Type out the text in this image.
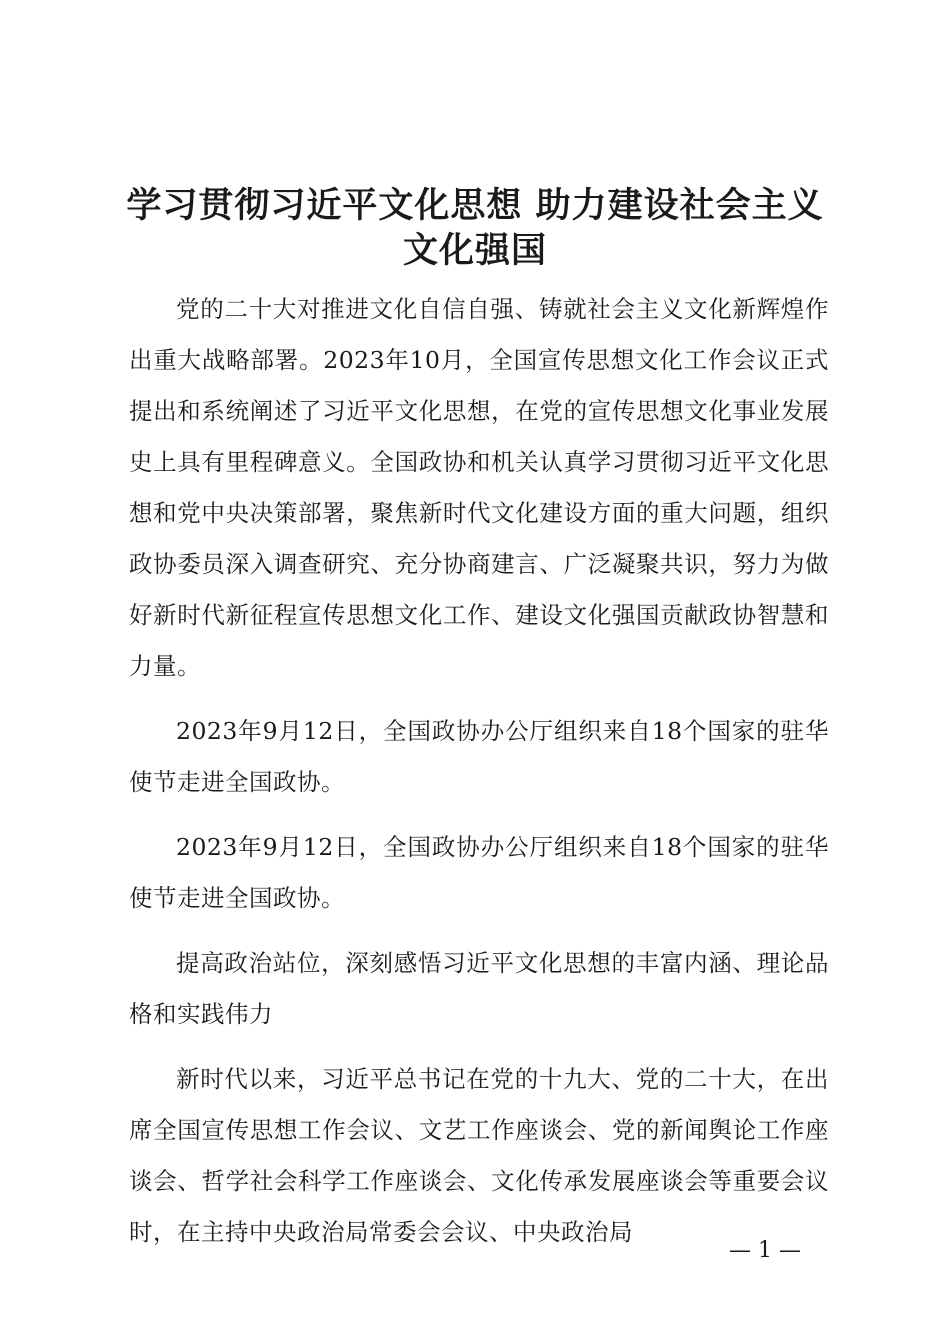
学习贯彻习近平文化思想 助力建设社会主义
文化强国

党的二十大对推进文化自信自强、铸就社会主义文化新辉煌作出重大战略部署。2023年10月，全国宣传思想文化工作会议正式提出和系统阐述了习近平文化思想，在党的宣传思想文化事业发展史上具有里程碑意义。全国政协和机关认真学习贯彻习近平文化思想和党中央决策部署，聚焦新时代文化建设方面的重大问题，组织政协委员深入调查研究、充分协商建言、广泛凝聚共识，努力为做好新时代新征程宣传思想文化工作、建设文化强国贡献政协智慧和力量。

2023年9月12日，全国政协办公厅组织来自18个国家的驻华使节走进全国政协。

2023年9月12日，全国政协办公厅组织来自18个国家的驻华使节走进全国政协。

提高政治站位，深刻感悟习近平文化思想的丰富内涵、理论品格和实践伟力

新时代以来，习近平总书记在党的十九大、党的二十大，在出席全国宣传思想工作会议、文艺工作座谈会、党的新闻舆论工作座谈会、哲学社会科学工作座谈会、文化传承发展座谈会等重要会议时，在主持中央政治局常委会会议、中央政治局

— 1 —
